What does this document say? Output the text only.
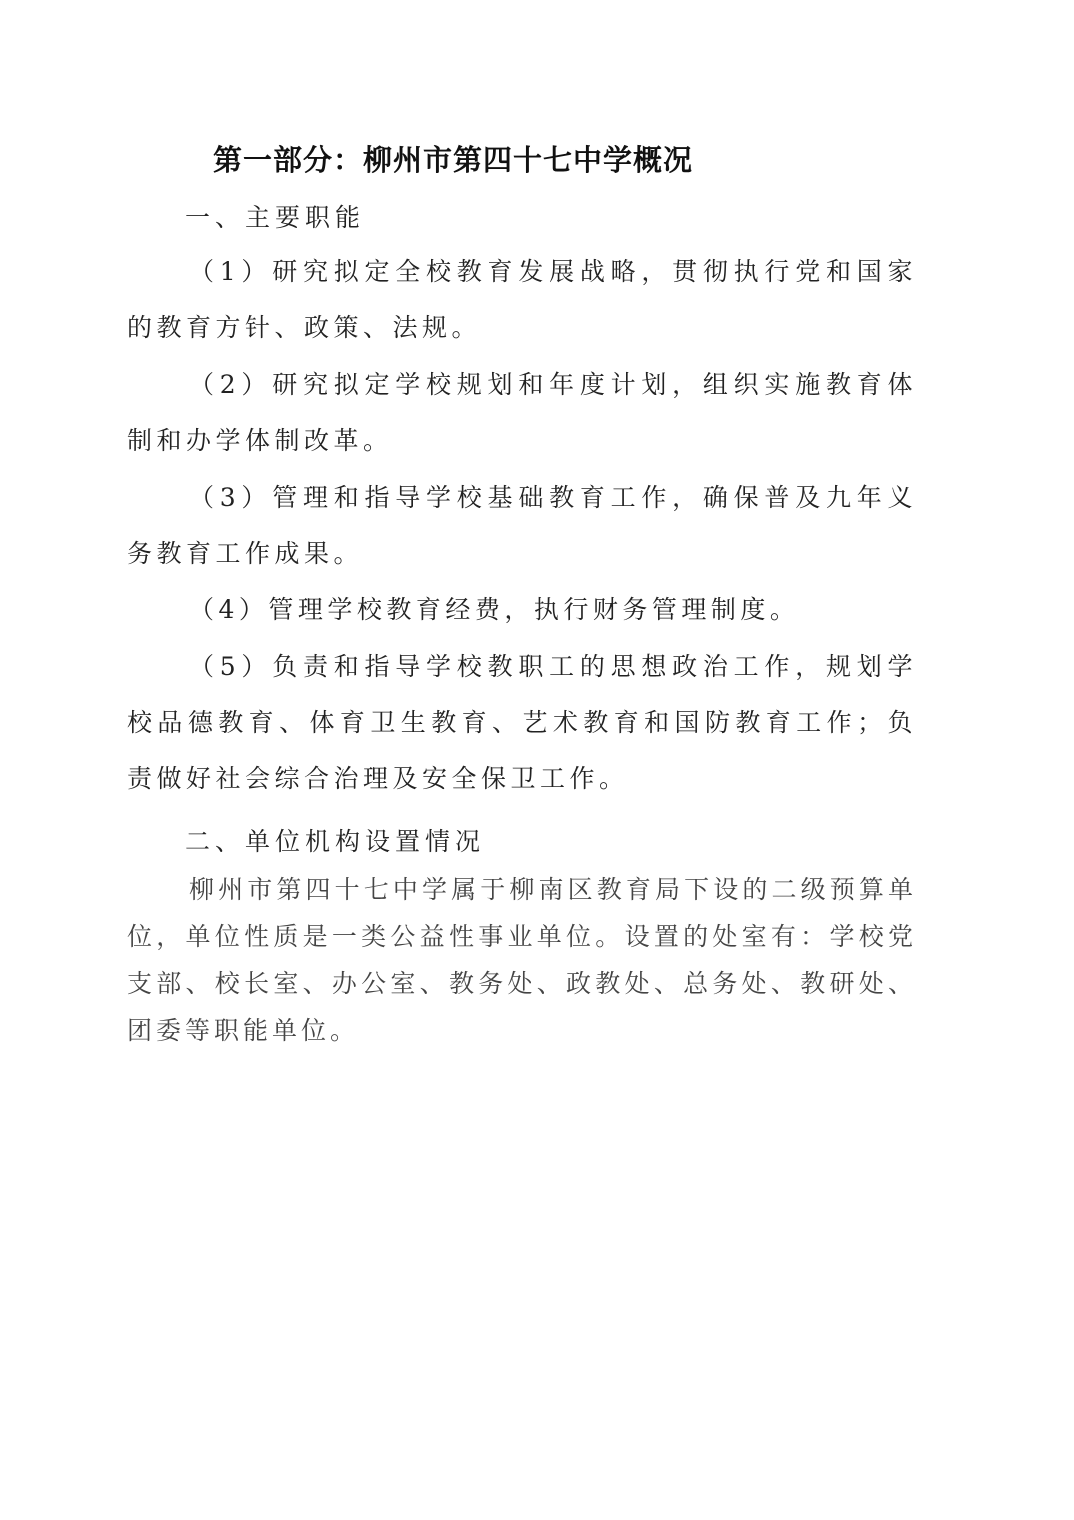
第一部分：柳州市第四十七中学概况
一、主要职能
（1）研究拟定全校教育发展战略，贯彻执行党和国家的教育方针、政策、法规。
（2）研究拟定学校规划和年度计划，组织实施教育体制和办学体制改革。
（3）管理和指导学校基础教育工作，确保普及九年义务教育工作成果。
（4）管理学校教育经费，执行财务管理制度。
（5）负责和指导学校教职工的思想政治工作，规划学校品德教育、体育卫生教育、艺术教育和国防教育工作；负责做好社会综合治理及安全保卫工作。
二、单位机构设置情况
柳州市第四十七中学属于柳南区教育局下设的二级预算单位，单位性质是一类公益性事业单位。设置的处室有：学校党支部、校长室、办公室、教务处、政教处、总务处、教研处、团委等职能单位。
